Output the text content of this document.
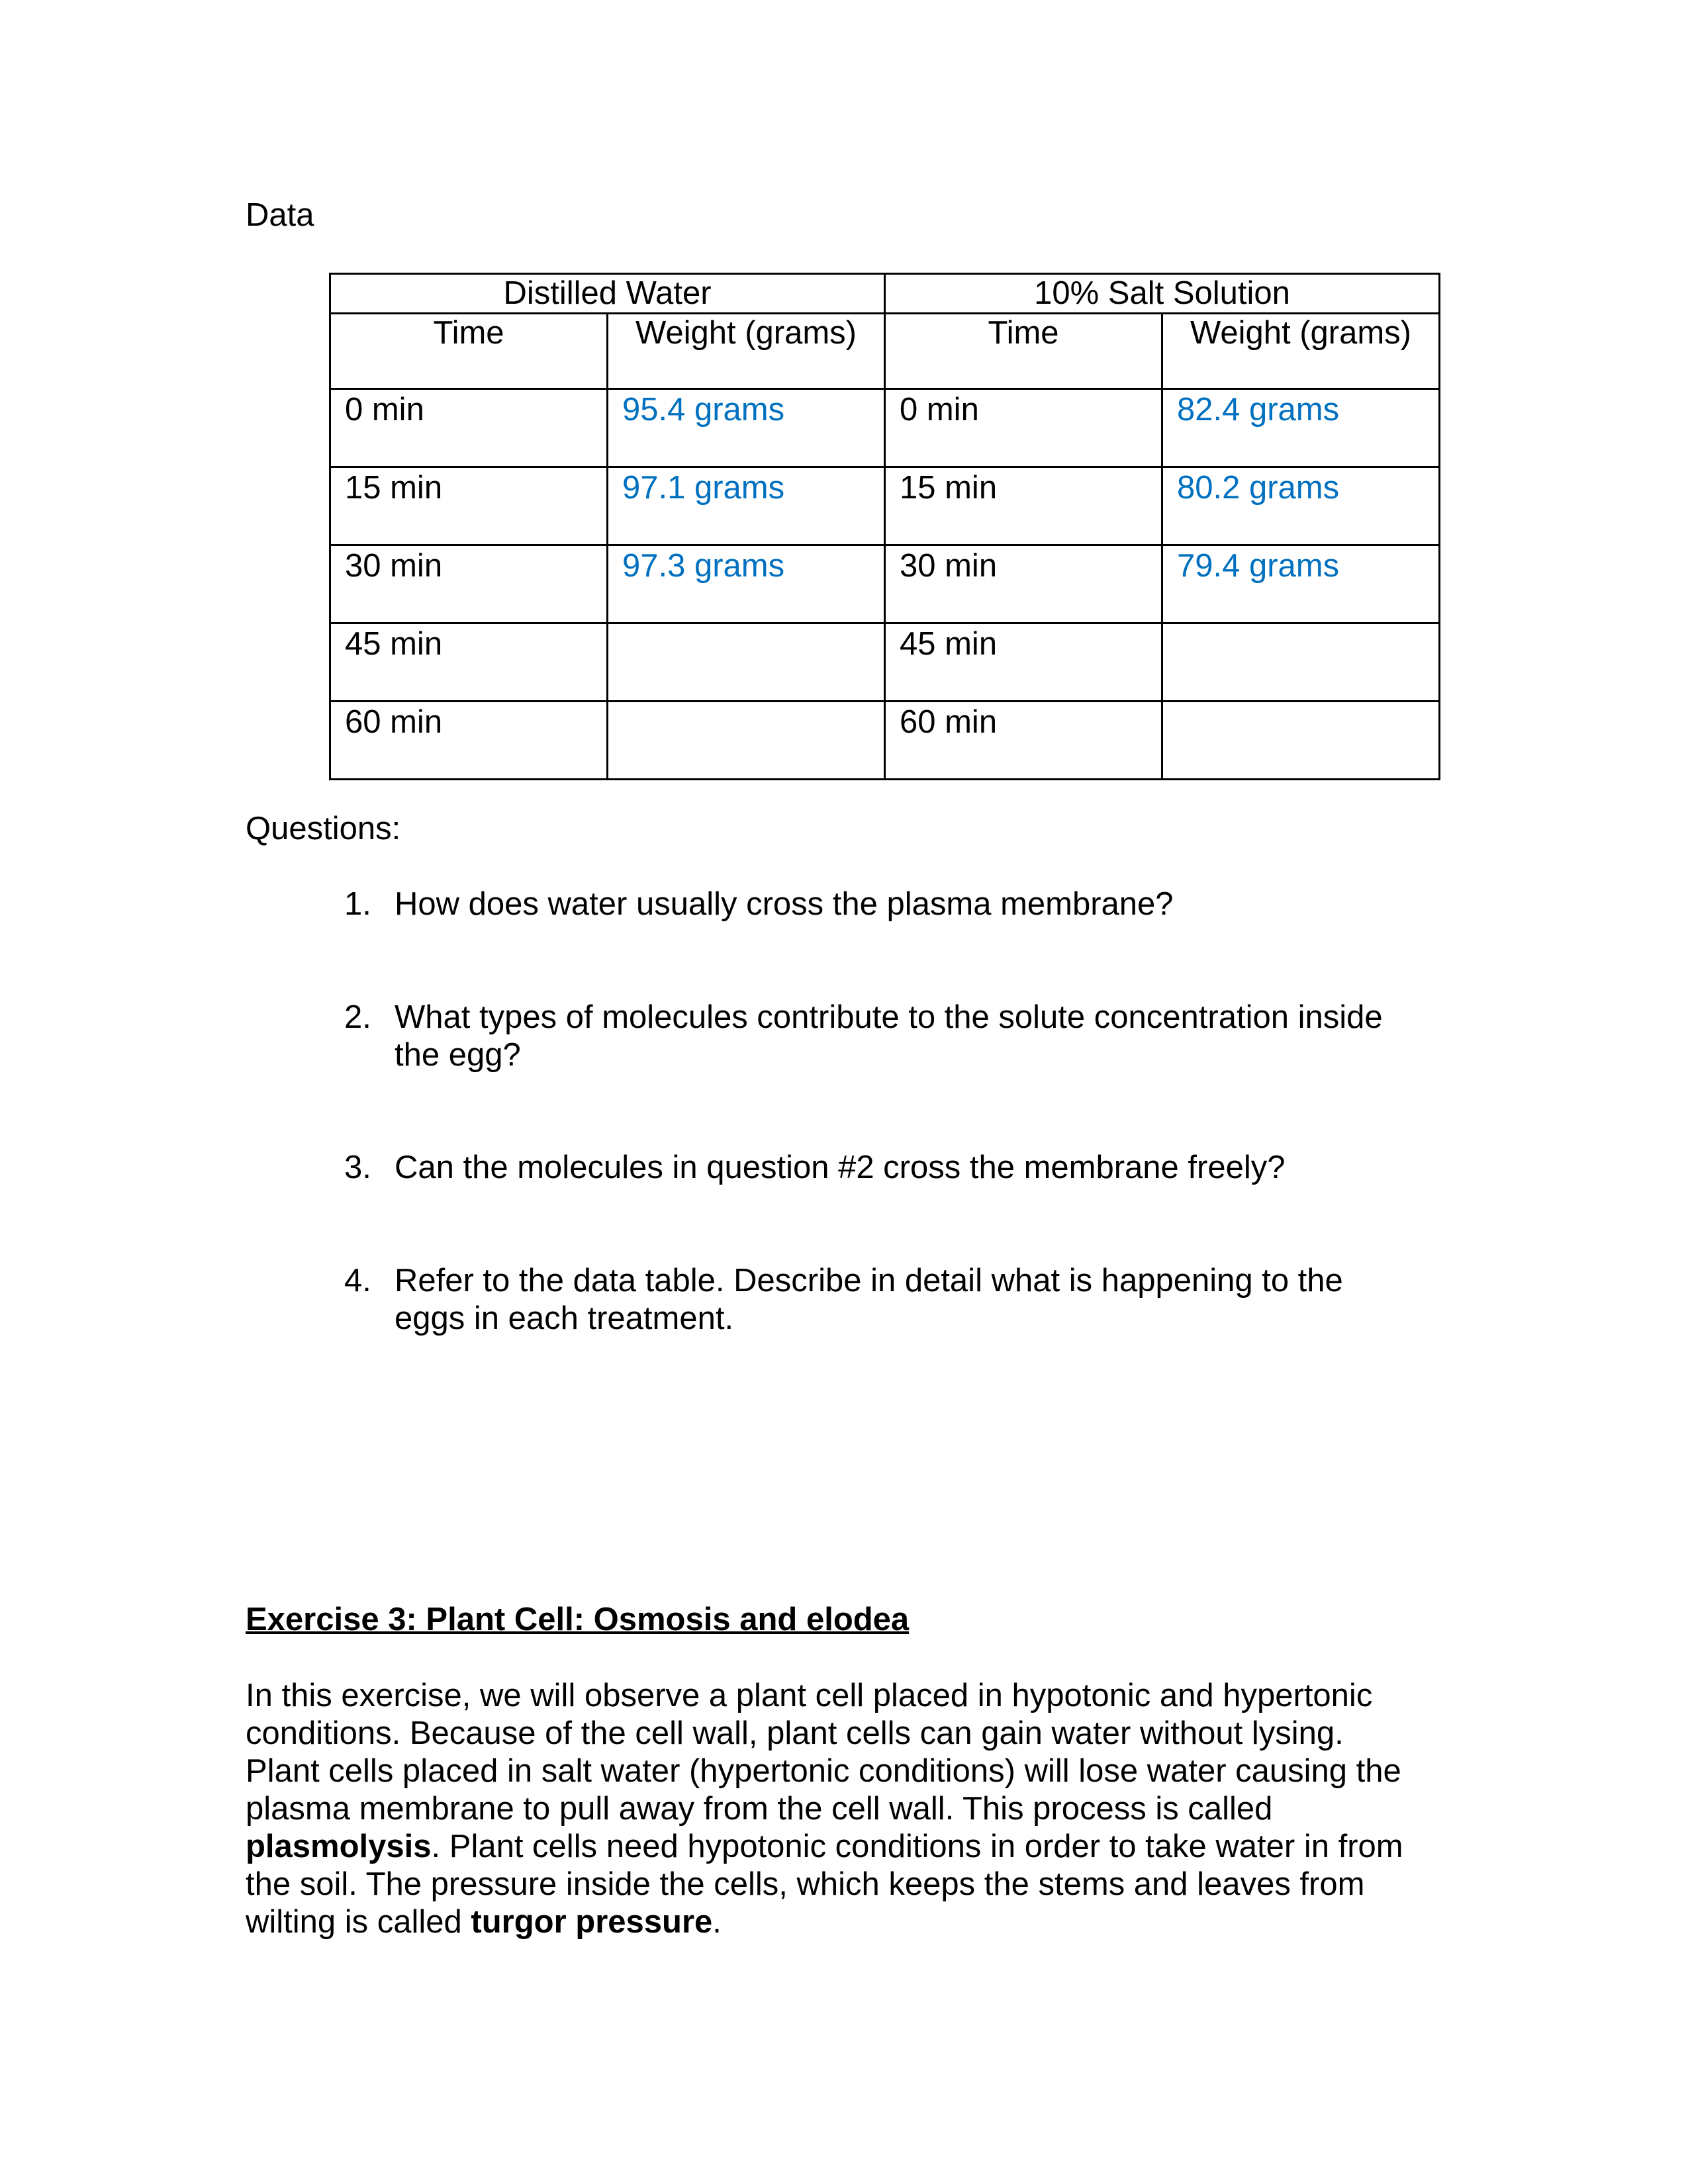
Data
Distilled Water		10% Salt Solution	
Time	Weight (grams)	Time	Weight (grams)
0 min	95.4 grams	0 min	82.4 grams
15 min	97.1 grams	15 min	80.2 grams
30 min	97.3 grams	30 min	79.4 grams
45 min		45 min	
60 min		60 min	
Questions:
1. How does water usually cross the plasma membrane?
2. What types of molecules contribute to the solute concentration inside
the egg?
3. Can the molecules in question #2 cross the membrane freely?
4. Refer to the data table. Describe in detail what is happening to the
eggs in each treatment.
Exercise 3: Plant Cell: Osmosis and elodea
In this exercise, we will observe a plant cell placed in hypotonic and hypertonic
conditions. Because of the cell wall, plant cells can gain water without lysing.
Plant cells placed in salt water (hypertonic conditions) will lose water causing the
plasma membrane to pull away from the cell wall. This process is called
plasmolysis. Plant cells need hypotonic conditions in order to take water in from
the soil. The pressure inside the cells, which keeps the stems and leaves from
wilting is called turgor pressure.
